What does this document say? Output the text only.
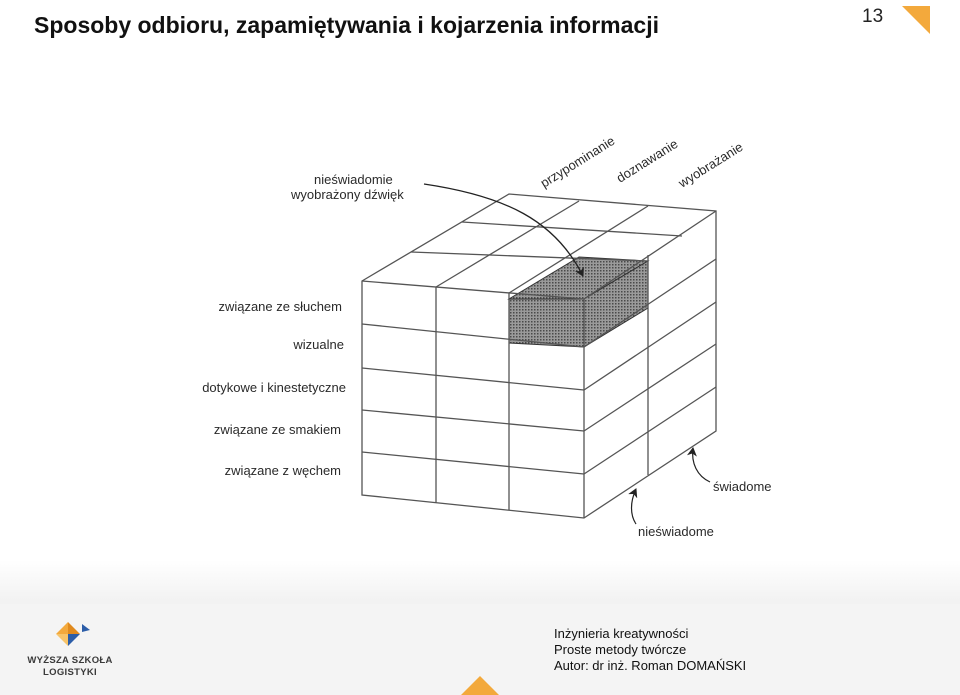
Sposoby odbioru, zapamiętywania i kojarzenia informacji	13
WYŻSZA SZKOŁA
LOGISTYKI
Inżynieria kreatywności
Proste metody twórcze
Autor: dr inż. Roman DOMAŃSKI
nieświadomie
wyobrażony dźwięk
przypominanie
doznawanie
wyobrażanie
związane ze słuchem
wizualne
dotykowe i kinestetyczne
związane ze smakiem
związane z węchem
świadome
nieświadome
